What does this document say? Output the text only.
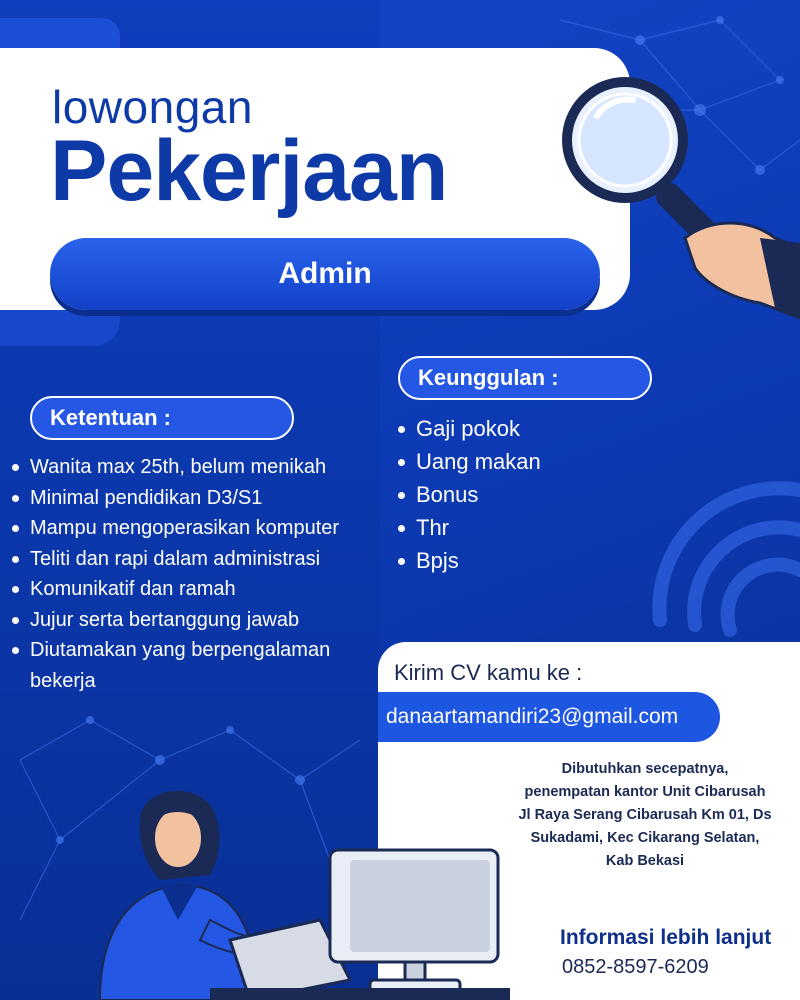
lowongan
Pekerjaan
Admin
Ketentuan :
Wanita max 25th, belum menikah
Minimal pendidikan D3/S1
Mampu mengoperasikan komputer
Teliti dan rapi dalam administrasi
Komunikatif dan ramah
Jujur serta bertanggung jawab
Diutamakan yang berpengalaman bekerja
Keunggulan :
Gaji pokok
Uang makan
Bonus
Thr
Bpjs
Kirim CV kamu ke :
danaartamandiri23@gmail.com
Dibutuhkan secepatnya,
penempatan kantor Unit Cibarusah
Jl Raya Serang Cibarusah Km 01, Ds
Sukadami, Kec Cikarang Selatan,
Kab Bekasi
Informasi lebih lanjut
0852-8597-6209
